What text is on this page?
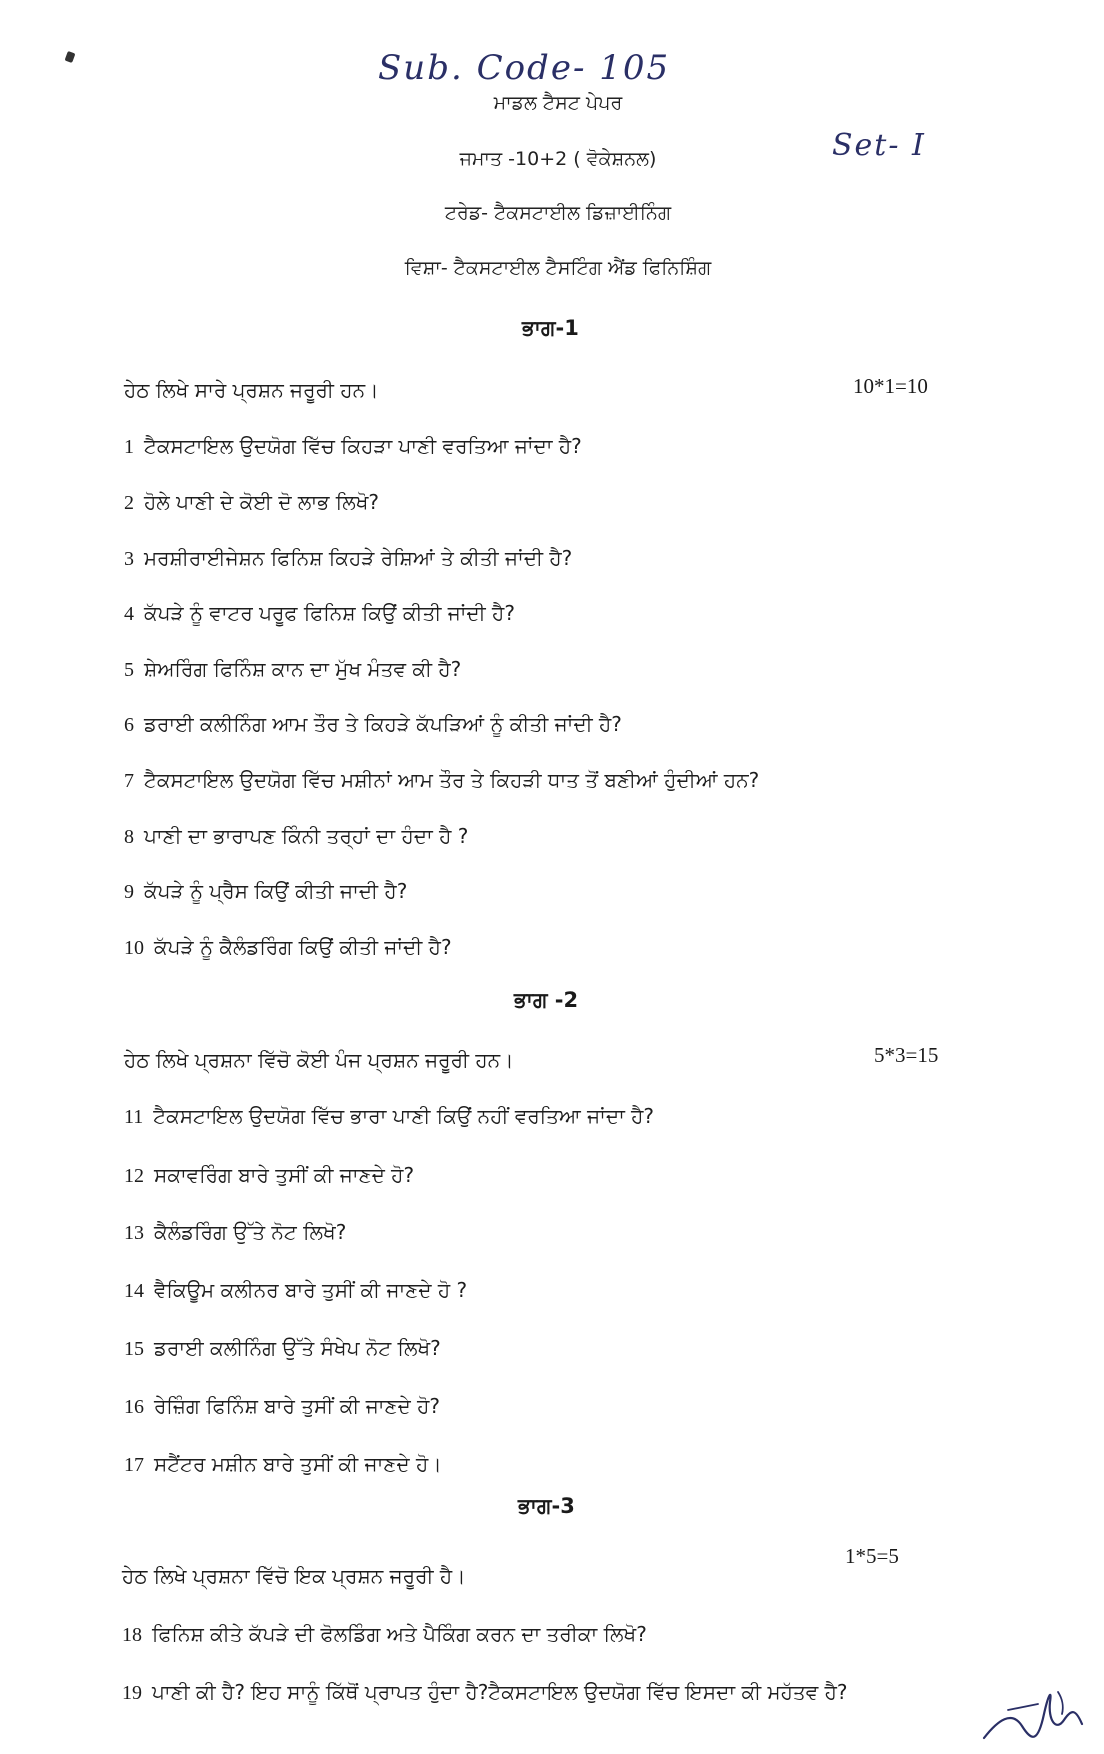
Sub. Code- 105
Set- I
ਮਾਡਲ ਟੈਸਟ ਪੇਪਰ
ਜਮਾਤ -10+2 ( ਵੋਕੇਸ਼ਨਲ)
ਟਰੇਡ- ਟੈਕਸਟਾਈਲ ਡਿਜ਼ਾਈਨਿੰਗ
ਵਿਸ਼ਾ- ਟੈਕਸਟਾਈਲ ਟੈਸਟਿੰਗ ਐਂਡ ਫਿਨਿਸ਼ਿੰਗ
ਭਾਗ-1
ਹੇਠ ਲਿਖੇ ਸਾਰੇ ਪ੍ਰਸ਼ਨ ਜਰੂਰੀ ਹਨ।	10*1=10
1 ਟੈਕਸਟਾਇਲ ਉਦਯੋਗ ਵਿੱਚ ਕਿਹੜਾ ਪਾਣੀ ਵਰਤਿਆ ਜਾਂਦਾ ਹੈ?
2 ਹੋਲੇ ਪਾਣੀ ਦੇ ਕੋਈ ਦੋ ਲਾਭ ਲਿਖੋ?
3 ਮਰਸ਼ੀਰਾਈਜੇਸ਼ਨ ਫਿਨਿਸ਼ ਕਿਹੜੇ ਰੇਸ਼ਿਆਂ ਤੇ ਕੀਤੀ ਜਾਂਦੀ ਹੈ?
4 ਕੱਪੜੇ ਨੂੰ ਵਾਟਰ ਪਰੂਫ ਫਿਨਿਸ਼ ਕਿਉਂ ਕੀਤੀ ਜਾਂਦੀ ਹੈ?
5 ਸ਼ੇਅਰਿੰਗ ਫਿਨਿੰਸ਼ ਕਾਨ ਦਾ ਮੁੱਖ ਮੰਤਵ ਕੀ ਹੈ?
6 ਡਰਾਈ ਕਲੀਨਿੰਗ ਆਮ ਤੌਰ ਤੇ ਕਿਹੜੇ ਕੱਪੜਿਆਂ ਨੂੰ ਕੀਤੀ ਜਾਂਦੀ ਹੈ?
7 ਟੈਕਸਟਾਇਲ ਉਦਯੋਗ ਵਿੱਚ ਮਸ਼ੀਨਾਂ ਆਮ ਤੌਰ ਤੇ ਕਿਹੜੀ ਧਾਤ ਤੋਂ ਬਣੀਆਂ ਹੁੰਦੀਆਂ ਹਨ?
8 ਪਾਣੀ ਦਾ ਭਾਰਾਪਣ ਕਿੰਨੀ ਤਰ੍ਹਾਂ ਦਾ ਹੰਦਾ ਹੈ ?
9 ਕੱਪੜੇ ਨੂੰ ਪ੍ਰੈਸ ਕਿਉਂ ਕੀਤੀ ਜਾਦੀ ਹੈ?
10 ਕੱਪੜੇ ਨੂੰ ਕੈਲੰਡਰਿੰਗ ਕਿਉਂ ਕੀਤੀ ਜਾਂਦੀ ਹੈ?
ਭਾਗ -2
ਹੇਠ ਲਿਖੇ ਪ੍ਰਸ਼ਨਾ ਵਿੱਚੋ ਕੋਈ ਪੰਜ ਪ੍ਰਸ਼ਨ ਜਰੂਰੀ ਹਨ।	5*3=15
11 ਟੈਕਸਟਾਇਲ ਉਦਯੋਗ ਵਿੱਚ ਭਾਰਾ ਪਾਣੀ ਕਿਉਂ ਨਹੀਂ ਵਰਤਿਆ ਜਾਂਦਾ ਹੈ?
12 ਸਕਾਵਰਿੰਗ ਬਾਰੇ ਤੁਸੀਂ ਕੀ ਜਾਣਦੇ ਹੋ?
13 ਕੈਲੰਡਰਿੰਗ ਉੱਤੇ ਨੋਟ ਲਿਖੋ?
14 ਵੈਕਿਊਮ ਕਲੀਨਰ ਬਾਰੇ ਤੁਸੀਂ ਕੀ ਜਾਣਦੇ ਹੋ ?
15 ਡਰਾਈ ਕਲੀਨਿੰਗ ਉੱਤੇ ਸੰਖੇਪ ਨੋਟ ਲਿਖੋ?
16 ਰੇਜ਼ਿੰਗ ਫਿਨਿੰਸ਼ ਬਾਰੇ ਤੁਸੀਂ ਕੀ ਜਾਣਦੇ ਹੋ?
17 ਸਟੈਂਟਰ ਮਸ਼ੀਨ ਬਾਰੇ ਤੁਸੀਂ ਕੀ ਜਾਣਦੇ ਹੋ।
ਭਾਗ-3
1*5=5
ਹੇਠ ਲਿਖੇ ਪ੍ਰਸ਼ਨਾ ਵਿੱਚੋ ਇਕ ਪ੍ਰਸ਼ਨ ਜਰੂਰੀ ਹੈ।
18 ਫਿਨਿਸ਼ ਕੀਤੇ ਕੱਪੜੇ ਦੀ ਫੋਲਡਿੰਗ ਅਤੇ ਪੈਕਿੰਗ ਕਰਨ ਦਾ ਤਰੀਕਾ ਲਿਖੋ?
19 ਪਾਣੀ ਕੀ ਹੈ? ਇਹ ਸਾਨੂੰ ਕਿੱਥੋਂ ਪ੍ਰਾਪਤ ਹੁੰਦਾ ਹੈ?ਟੈਕਸਟਾਇਲ ਉਦਯੋਗ ਵਿੱਚ ਇਸਦਾ ਕੀ ਮਹੱਤਵ ਹੈ?
